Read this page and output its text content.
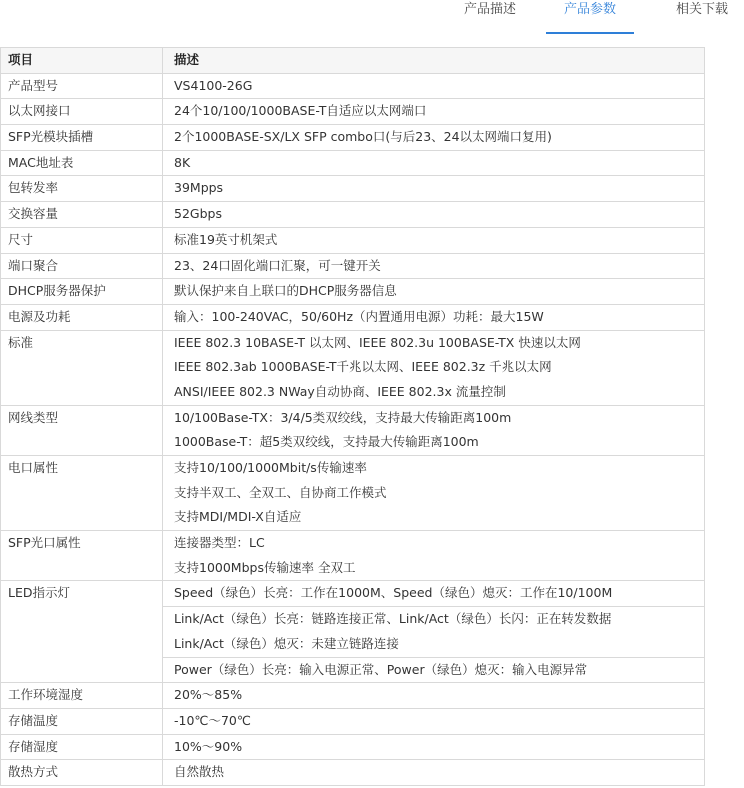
产品描述	产品参数	相关下载
项目	描述

产品型号	VS4100-26G

以太网接口	24个10/100/1000BASE-T自适应以太网端口

SFP光模块插槽	2个1000BASE-SX/LX SFP combo口(与后23、24以太网端口复用)

MAC地址表	8K

包转发率	39Mpps

交换容量	52Gbps

尺寸	标准19英寸机架式

端口聚合	23、24口固化端口汇聚，可一键开关

DHCP服务器保护	默认保护来自上联口的DHCP服务器信息

电源及功耗	输入：100-240VAC，50/60Hz（内置通用电源）功耗：最大15W

标准	IEEE 802.3 10BASE-T 以太网、IEEE 802.3u 100BASE-TX 快速以太网
IEEE 802.3ab 1000BASE-T千兆以太网、IEEE 802.3z 千兆以太网
ANSI/IEEE 802.3 NWay自动协商、IEEE 802.3x 流量控制

网线类型	10/100Base-TX：3/4/5类双绞线，支持最大传输距离100m
1000Base-T：超5类双绞线，支持最大传输距离100m

电口属性	支持10/100/1000Mbit/s传输速率
支持半双工、全双工、自协商工作模式
支持MDI/MDI-X自适应

SFP光口属性	连接器类型：LC
支持1000Mbps传输速率 全双工

LED指示灯	Speed（绿色）长亮：工作在1000M、Speed（绿色）熄灭：工作在10/100M

	Link/Act（绿色）长亮：链路连接正常、Link/Act（绿色）长闪：正在转发数据
Link/Act（绿色）熄灭：未建立链路连接

	Power（绿色）长亮：输入电源正常、Power（绿色）熄灭：输入电源异常

工作环境湿度	20%～85%

存储温度	-10℃～70℃

存储湿度	10%～90%

散热方式	自然散热
